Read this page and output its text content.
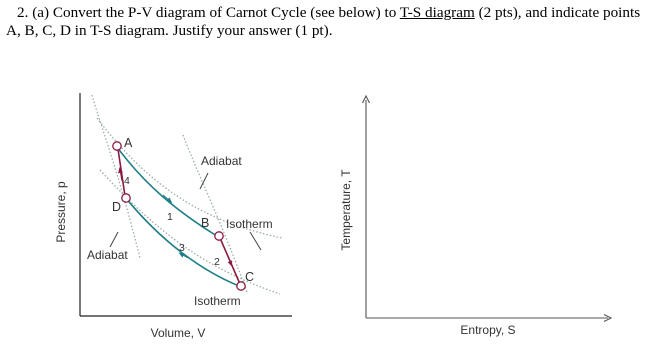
2. (a) Convert the P-V diagram of Carnot Cycle (see below) to T-S diagram (2 pts), and indicate points
A, B, C, D in T-S diagram. Justify your answer (1 pt).
A
D
B
C
1
2
3
4
Adiabat
Adiabat
Isotherm
Isotherm
Pressure, p
Volume, V
Temperature, T
Entropy, S
